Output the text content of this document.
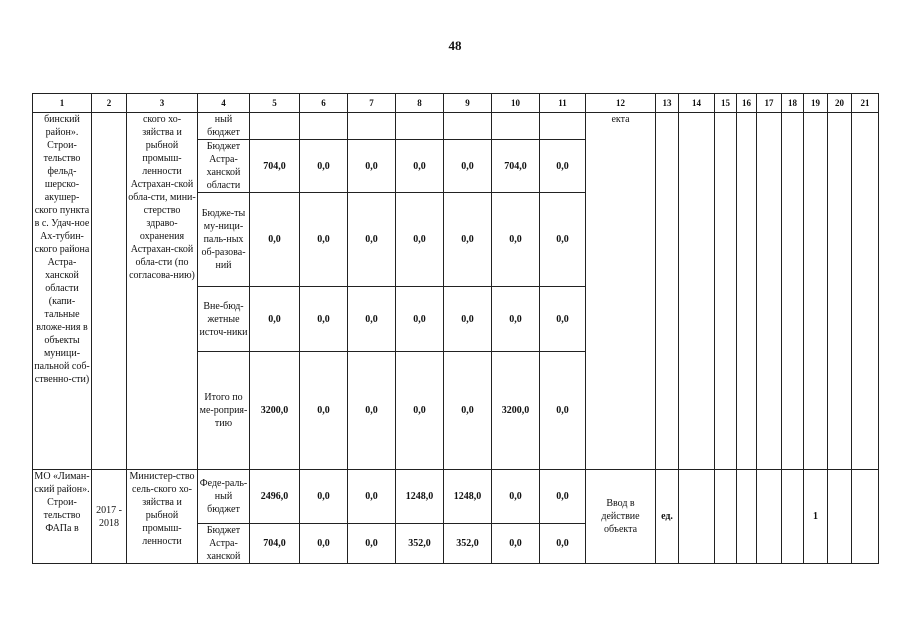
48
1	2	3	4	5	6	7	8	9	10	11	12	13	14	15	16	17	18	19	20	21
бинский район». Строи-тельство фельд-шерско-акушер-ского пункта в с. Удач-ное Ах-тубин-ского района Астра-ханской области (капи-тальные вложе-ния в объекты муници-пальной соб-ственно-сти)		ского хо-зяйства и рыбной промыш-ленности Астрахан-ской обла-сти, мини-стерство здраво-охранения Астрахан-ской обла-сти (по согласова-нию)	ный бюджет								екта									
			Бюджет Астра-ханской области	704,0	0,0	0,0	0,0	0,0	704,0	0,0										
			Бюдже-ты му-ници-паль-ных об-разова-ний	0,0	0,0	0,0	0,0	0,0	0,0	0,0										
			Вне-бюд-жетные источ-ники	0,0	0,0	0,0	0,0	0,0	0,0	0,0										
			Итого по ме-роприя-тию	3200,0	0,0	0,0	0,0	0,0	3200,0	0,0										
МО «Лиман-ский район». Строи-тельство ФАПа в	2017 - 2018	Министер-ство сель-ского хо-зяйства и рыбной промыш-ленности	Феде-раль-ный бюджет	2496,0	0,0	0,0	1248,0	1248,0	0,0	0,0	Ввод в действие объекта	ед.						1		
			Бюджет Астра-ханской	704,0	0,0	0,0	352,0	352,0	0,0	0,0										
